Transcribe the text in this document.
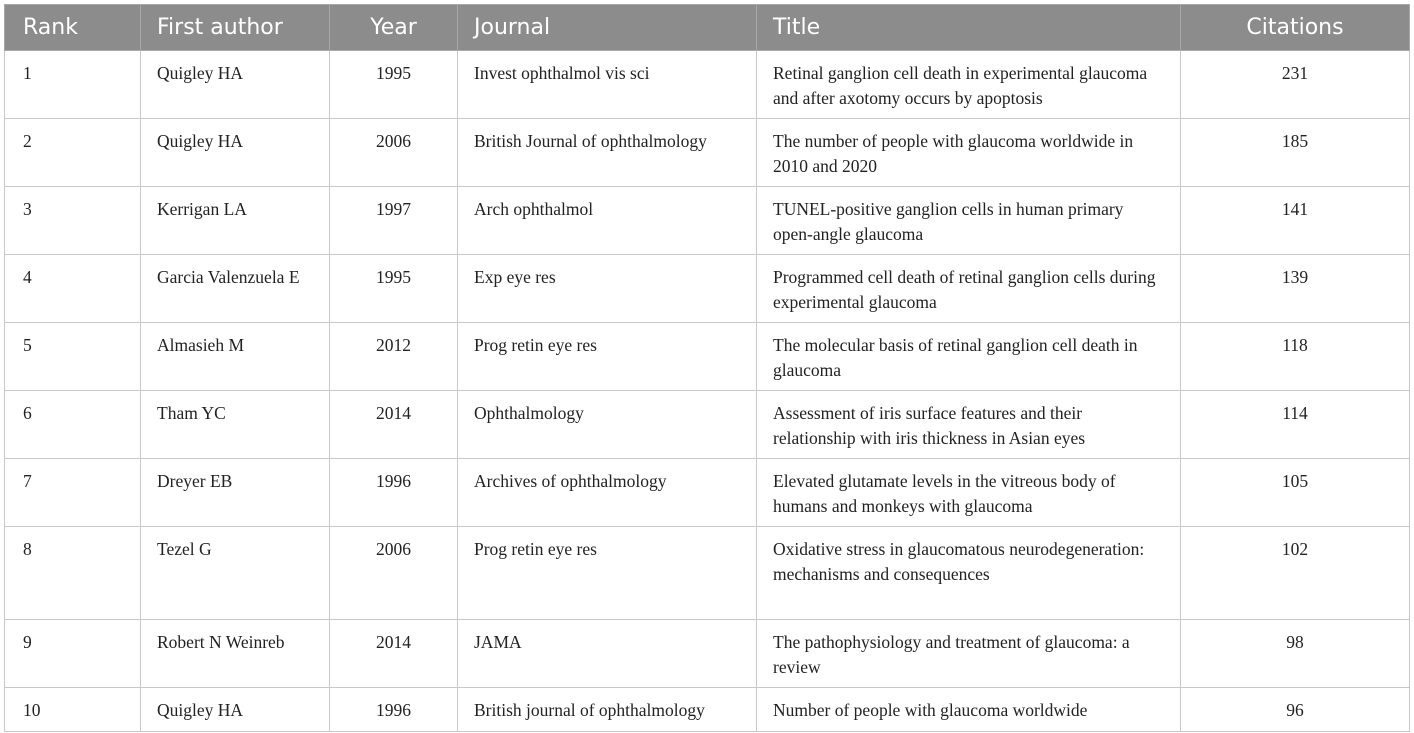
Rank	First author	Year	Journal	Title	Citations
1	Quigley HA	1995	Invest ophthalmol vis sci	Retinal ganglion cell death in experimental glaucoma and after axotomy occurs by apoptosis	231
2	Quigley HA	2006	British Journal of ophthalmology	The number of people with glaucoma worldwide in 2010 and 2020	185
3	Kerrigan LA	1997	Arch ophthalmol	TUNEL-positive ganglion cells in human primary open-angle glaucoma	141
4	Garcia Valenzuela E	1995	Exp eye res	Programmed cell death of retinal ganglion cells during experimental glaucoma	139
5	Almasieh M	2012	Prog retin eye res	The molecular basis of retinal ganglion cell death in glaucoma	118
6	Tham YC	2014	Ophthalmology	Assessment of iris surface features and their relationship with iris thickness in Asian eyes	114
7	Dreyer EB	1996	Archives of ophthalmology	Elevated glutamate levels in the vitreous body of humans and monkeys with glaucoma	105
8	Tezel G	2006	Prog retin eye res	Oxidative stress in glaucomatous neurodegeneration: mechanisms and consequences	102
9	Robert N Weinreb	2014	JAMA	The pathophysiology and treatment of glaucoma: a review	98
10	Quigley HA	1996	British journal of ophthalmology	Number of people with glaucoma worldwide	96
